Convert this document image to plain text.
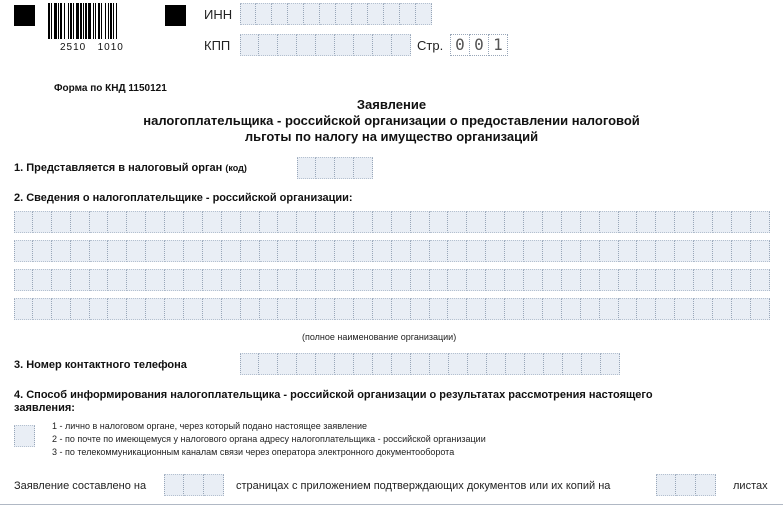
2510   1010
ИНН
КПП	Стр. 0 0 1
Форма по КНД 1150121
Заявление
налогоплательщика - российской организации о предоставлении налоговой
льготы по налогу на имущество организаций
1. Представляется в налоговый орган (код)
2. Сведения о налогоплательщике - российской организации:
(полное наименование организации)
3. Номер контактного телефона
4. Способ информирования налогоплательщика - российской организации о результатах рассмотрения настоящего
заявления:
1 - лично в налоговом органе, через который подано настоящее заявление
2 - по почте по имеющемуся у налогового органа адресу налогоплательщика - российской организации
3 - по телекоммуникационным каналам связи через оператора электронного документооборота
Заявление составлено на	страницах с приложением подтверждающих документов или их копий на	листах
